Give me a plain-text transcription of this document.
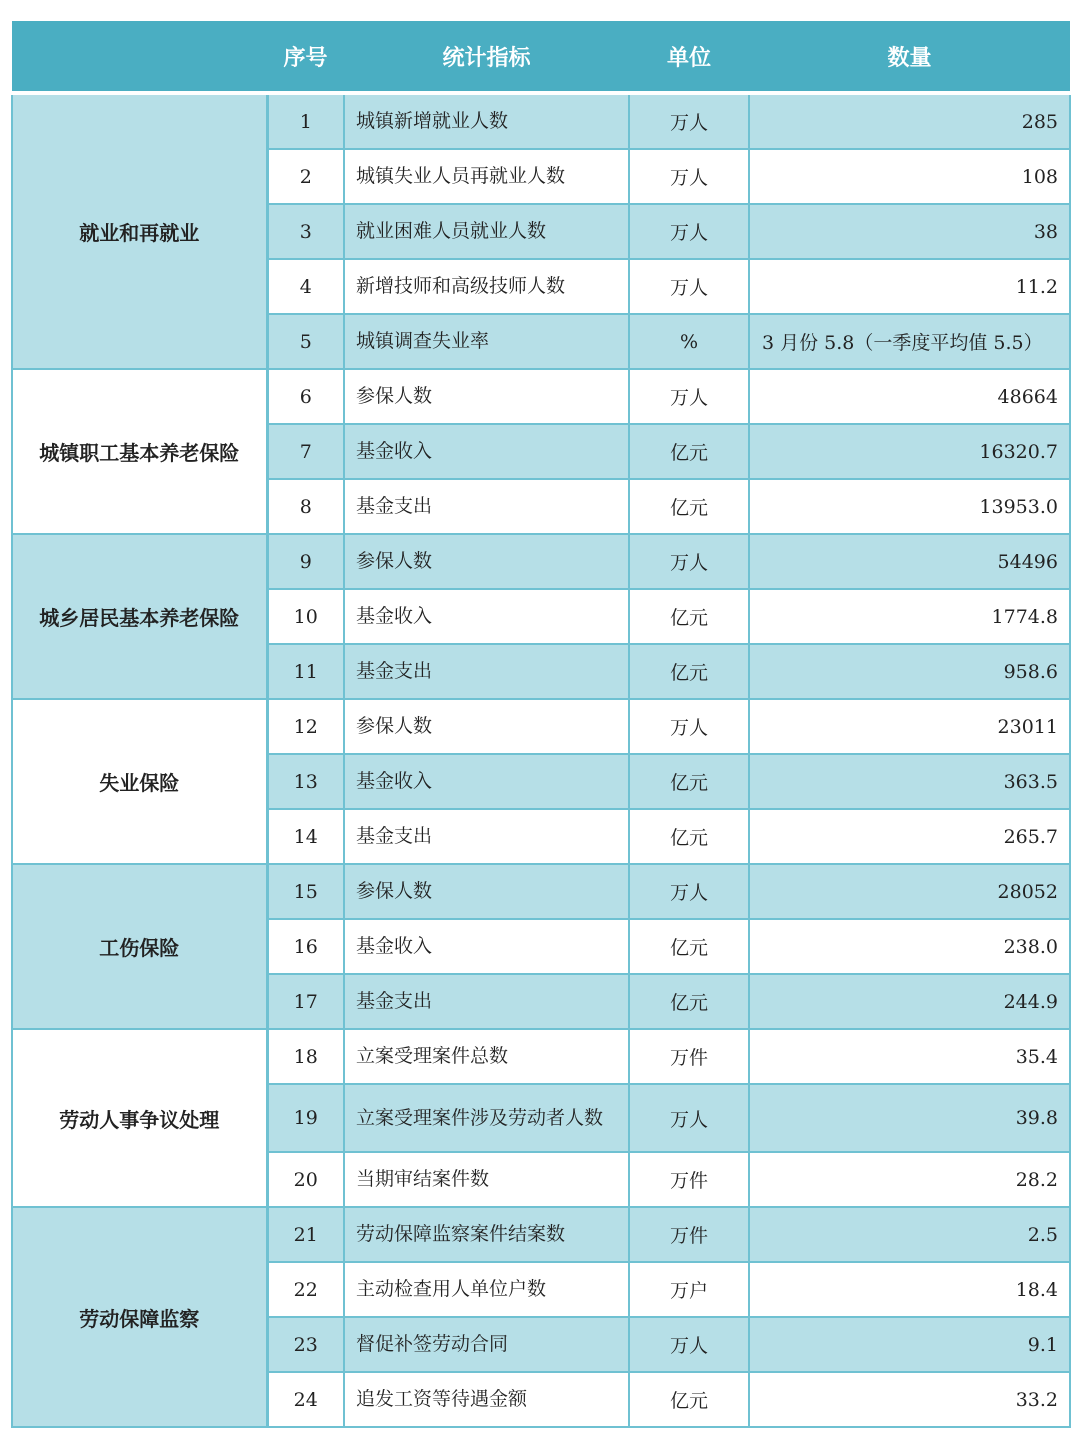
	序号	统计指标	单位	数量
就业和再就业	1	城镇新增就业人数	万人	285
	2	城镇失业人员再就业人数	万人	108
	3	就业困难人员就业人数	万人	38
	4	新增技师和高级技师人数	万人	11.2
	5	城镇调查失业率	%	3 月份 5.8（一季度平均值 5.5）
城镇职工基本养老保险	6	参保人数	万人	48664
	7	基金收入	亿元	16320.7
	8	基金支出	亿元	13953.0
城乡居民基本养老保险	9	参保人数	万人	54496
	10	基金收入	亿元	1774.8
	11	基金支出	亿元	958.6
失业保险	12	参保人数	万人	23011
	13	基金收入	亿元	363.5
	14	基金支出	亿元	265.7
工伤保险	15	参保人数	万人	28052
	16	基金收入	亿元	238.0
	17	基金支出	亿元	244.9
劳动人事争议处理	18	立案受理案件总数	万件	35.4
	19	立案受理案件涉及劳动者人数	万人	39.8
	20	当期审结案件数	万件	28.2
劳动保障监察	21	劳动保障监察案件结案数	万件	2.5
	22	主动检查用人单位户数	万户	18.4
	23	督促补签劳动合同	万人	9.1
	24	追发工资等待遇金额	亿元	33.2
